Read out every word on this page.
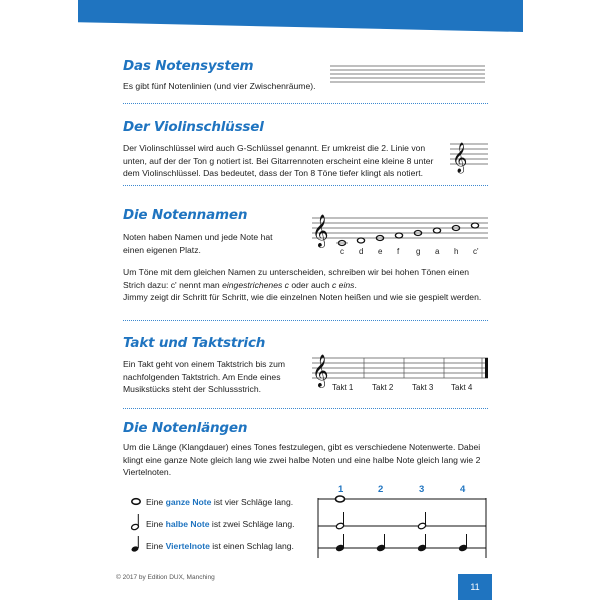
Das Notensystem
Es gibt fünf Notenlinien (und vier Zwischenräume).
Der Violinschlüssel
Der Violinschlüssel wird auch G-Schlüssel genannt. Er umkreist die 2. Linie von unten, auf der der Ton g notiert ist. Bei Gitarrennoten erscheint eine kleine 8 unter dem Violinschlüssel. Das bedeutet, dass der Ton 8 Töne tiefer klingt als notiert.	𝄞
Die Notennamen
Noten haben Namen und jede Note hat einen eigenen Platz.
Um Töne mit dem gleichen Namen zu unterscheiden, schreiben wir bei hohen Tönen einen Strich dazu: c' nennt man eingestrichenes c oder auch c eins.
Jimmy zeigt dir Schritt für Schritt, wie die einzelnen Noten heißen und wie sie gespielt werden.
𝄞
c d e f g a h c'
Takt und Taktstrich
Ein Takt geht von einem Taktstrich bis zum nachfolgenden Taktstrich. Am Ende eines Musikstücks steht der Schlussstrich.
𝄞
Takt 1 Takt 2 Takt 3 Takt 4
Die Notenlängen
Um die Länge (Klangdauer) eines Tones festzulegen, gibt es verschiedene Notenwerte. Dabei klingt eine ganze Note gleich lang wie zwei halbe Noten und eine halbe Note gleich lang wie 2 Viertelnoten.
Eine
ganze Note
ist vier Schläge lang.
Eine
halbe Note
ist zwei Schläge lang.
Eine
Viertelnote
ist einen Schlag lang.
1	2	3	4
© 2017 by Edition DUX, Manching
11
